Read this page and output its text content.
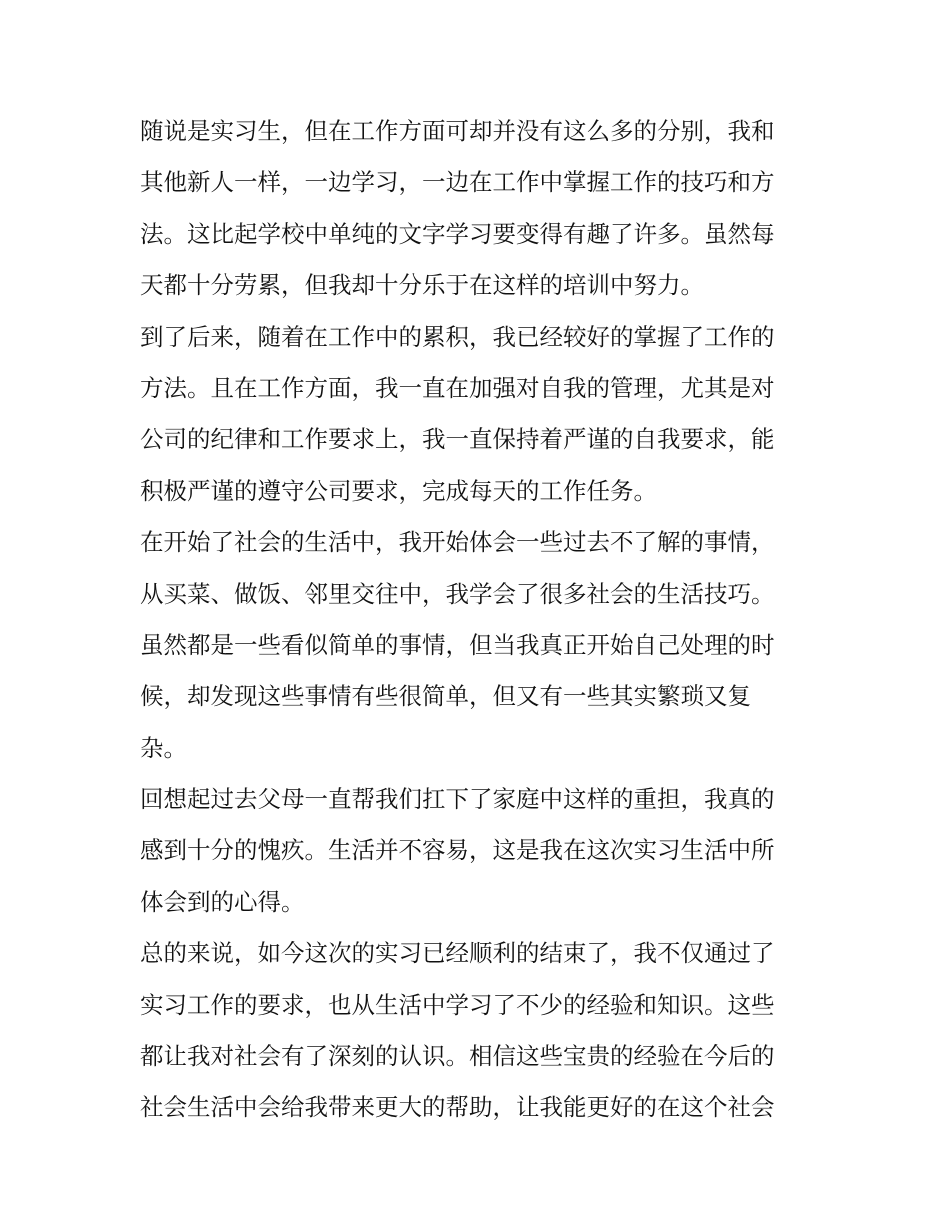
随说是实习生，但在工作方面可却并没有这么多的分别，我和
其他新人一样，一边学习，一边在工作中掌握工作的技巧和方
法。这比起学校中单纯的文字学习要变得有趣了许多。虽然每
天都十分劳累，但我却十分乐于在这样的培训中努力。
到了后来，随着在工作中的累积，我已经较好的掌握了工作的
方法。且在工作方面，我一直在加强对自我的管理，尤其是对
公司的纪律和工作要求上，我一直保持着严谨的自我要求，能
积极严谨的遵守公司要求，完成每天的工作任务。
在开始了社会的生活中，我开始体会一些过去不了解的事情，
从买菜、做饭、邻里交往中，我学会了很多社会的生活技巧。
虽然都是一些看似简单的事情，但当我真正开始自己处理的时
候，却发现这些事情有些很简单，但又有一些其实繁琐又复
杂。
回想起过去父母一直帮我们扛下了家庭中这样的重担，我真的
感到十分的愧疚。生活并不容易，这是我在这次实习生活中所
体会到的心得。
总的来说，如今这次的实习已经顺利的结束了，我不仅通过了
实习工作的要求，也从生活中学习了不少的经验和知识。这些
都让我对社会有了深刻的认识。相信这些宝贵的经验在今后的
社会生活中会给我带来更大的帮助，让我能更好的在这个社会
